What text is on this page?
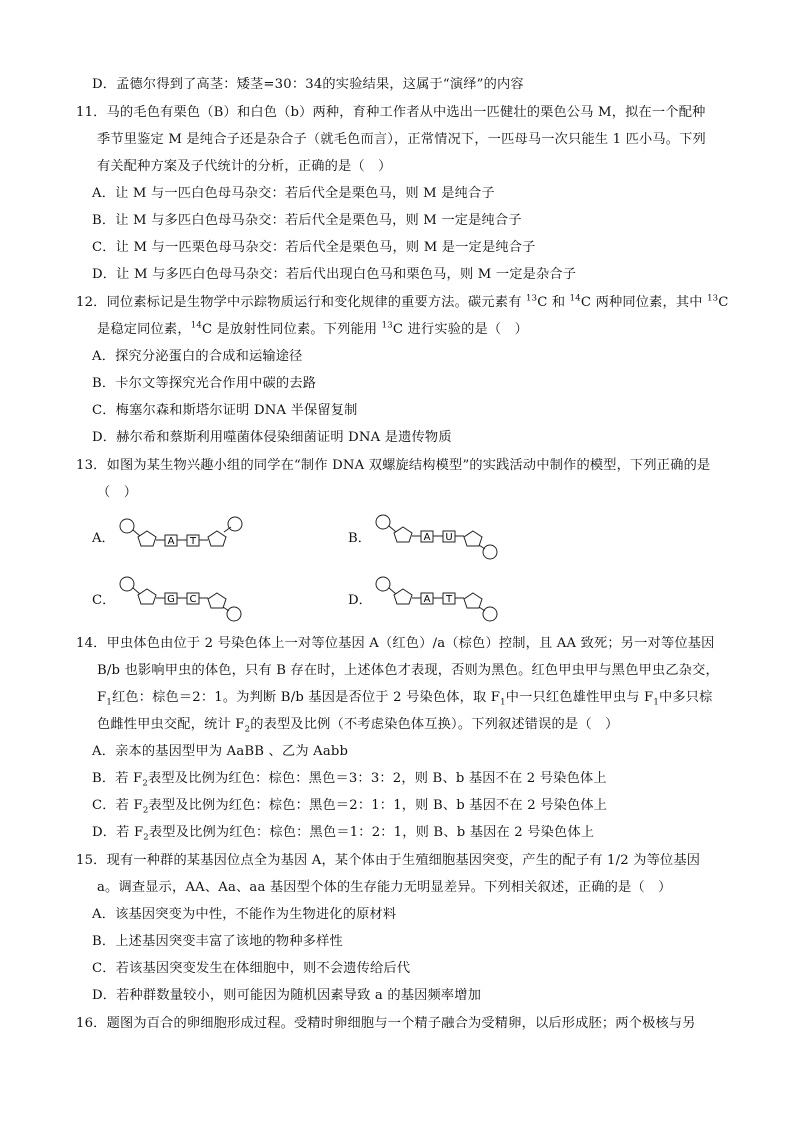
D．孟德尔得到了高茎：矮茎=30：34的实验结果，这属于“演绎”的内容
11．马的毛色有栗色（B）和白色（b）两种，育种工作者从中选出一匹健壮的栗色公马 M，拟在一个配种
季节里鉴定 M 是纯合子还是杂合子（就毛色而言），正常情况下，一匹母马一次只能生 1 匹小马。下列
有关配种方案及子代统计的分析，正确的是（　）
A．让 M 与一匹白色母马杂交：若后代全是栗色马，则 M 是纯合子
B．让 M 与多匹白色母马杂交：若后代全是栗色马，则 M 一定是纯合子
C．让 M 与一匹栗色母马杂交：若后代全是栗色马，则 M 是一定是纯合子
D．让 M 与多匹白色母马杂交：若后代出现白色马和栗色马，则 M 一定是杂合子
12．同位素标记是生物学中示踪物质运行和变化规律的重要方法。碳元素有 $^{13}$C 和 $^{14}$C 两种同位素，其中 $^{13}$C
是稳定同位素，$^{14}$C 是放射性同位素。下列能用 $^{13}$C 进行实验的是（　）
A．探究分泌蛋白的合成和运输途径
B．卡尔文等探究光合作用中碳的去路
C．梅塞尔森和斯塔尔证明 DNA 半保留复制
D．赫尔希和蔡斯利用噬菌体侵染细菌证明 DNA 是遗传物质
13．如图为某生物兴趣小组的同学在“制作 DNA 双螺旋结构模型”的实践活动中制作的模型，下列正确的是
（　）
A．	A T	B．	A U
C．	G C	D．	A T
14．甲虫体色由位于 2 号染色体上一对等位基因 A（红色）/a（棕色）控制，且 AA 致死；另一对等位基因
B/b 也影响甲虫的体色，只有 B 存在时，上述体色才表现，否则为黑色。红色甲虫甲与黑色甲虫乙杂交，
$F_1$红色：棕色＝2：1。为判断 B/b 基因是否位于 2 号染色体，取 $F_1$中一只红色雄性甲虫与 $F_1$中多只棕
色雌性甲虫交配，统计 $F_2$的表型及比例（不考虑染色体互换）。下列叙述错误的是（　）
A．亲本的基因型甲为 AaBB 、乙为 Aabb
B．若 $F_2$表型及比例为红色：棕色：黑色＝3：3：2，则 B、b 基因不在 2 号染色体上
C．若 $F_2$表型及比例为红色：棕色：黑色＝2：1：1，则 B、b 基因不在 2 号染色体上
D．若 $F_2$表型及比例为红色：棕色：黑色＝1：2：1，则 B、b 基因在 2 号染色体上
15．现有一种群的某基因位点全为基因 A，某个体由于生殖细胞基因突变，产生的配子有 1/2 为等位基因
a。调查显示，AA、Aa、aa 基因型个体的生存能力无明显差异。下列相关叙述，正确的是（　）
A．该基因突变为中性，不能作为生物进化的原材料
B．上述基因突变丰富了该地的物种多样性
C．若该基因突变发生在体细胞中，则不会遗传给后代
D．若种群数量较小，则可能因为随机因素导致 a 的基因频率增加
16．题图为百合的卵细胞形成过程。受精时卵细胞与一个精子融合为受精卵，以后形成胚；两个极核与另
